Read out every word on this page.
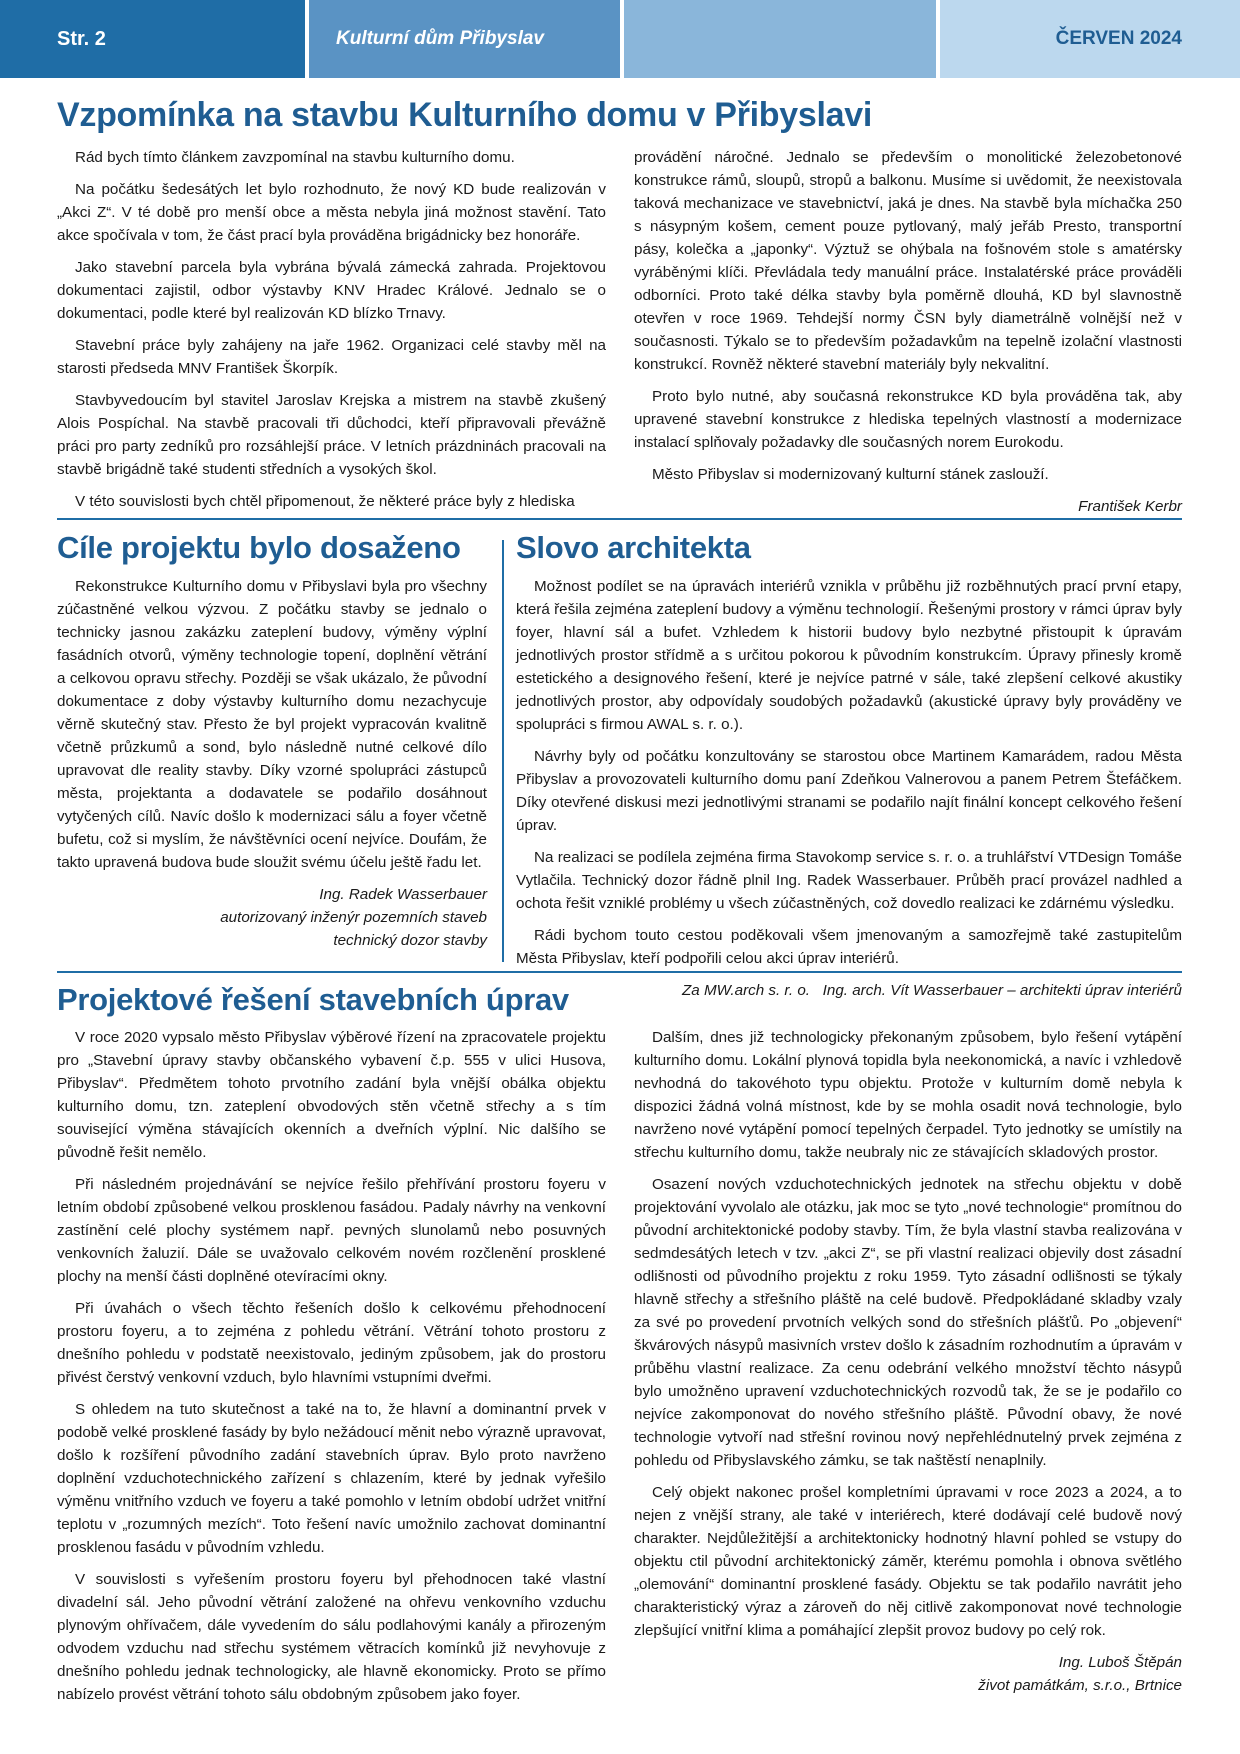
Str. 2	Kulturní dům Přibyslav	ČERVEN 2024
Vzpomínka na stavbu Kulturního domu v Přibyslavi

Rád bych tímto článkem zavzpomínal na stavbu kulturního domu.

Na počátku šedesátých let bylo rozhodnuto, že nový KD bude realizován v „Akci Z“. V té době pro menší obce a města nebyla jiná možnost stavění. Tato akce spočívala v tom, že část prací byla prováděna brigádnicky bez honoráře.

Jako stavební parcela byla vybrána bývalá zámecká zahrada. Projektovou dokumentaci zajistil, odbor výstavby KNV Hradec Králové. Jednalo se o dokumentaci, podle které byl realizován KD blízko Trnavy.

Stavební práce byly zahájeny na jaře 1962. Organizaci celé stavby měl na starosti předseda MNV František Škorpík.

Stavbyvedoucím byl stavitel Jaroslav Krejska a mistrem na stavbě zkušený Alois Pospíchal. Na stavbě pracovali tři důchodci, kteří připravovali převážně práci pro party zedníků pro rozsáhlejší práce. V letních prázdninách pracovali na stavbě brigádně také studenti středních a vysokých škol.

V této souvislosti bych chtěl připomenout, že některé práce byly z hlediska

provádění náročné. Jednalo se především o monolitické železobetonové konstrukce rámů, sloupů, stropů a balkonu. Musíme si uvědomit, že neexistovala taková mechanizace ve stavebnictví, jaká je dnes. Na stavbě byla míchačka 250 s násypným košem, cement pouze pytlovaný, malý jeřáb Presto, transportní pásy, kolečka a „japonky“. Výztuž se ohýbala na fošnovém stole s amatérsky vyráběnými klíči. Převládala tedy manuální práce. Instalatérské práce prováděli odborníci. Proto také délka stavby byla poměrně dlouhá, KD byl slavnostně otevřen v roce 1969. Tehdejší normy ČSN byly diametrálně volnější než v současnosti. Týkalo se to především požadavkům na tepelně izolační vlastnosti konstrukcí. Rovněž některé stavební materiály byly nekvalitní.

Proto bylo nutné, aby současná rekonstrukce KD byla prováděna tak, aby upravené stavební konstrukce z hlediska tepelných vlastností a modernizace instalací splňovaly požadavky dle současných norem Eurokodu.

Město Přibyslav si modernizovaný kulturní stánek zaslouží.

František Kerbr

Cíle projektu bylo dosaženo

Rekonstrukce Kulturního domu v Přibyslavi byla pro všechny zúčastněné velkou výzvou. Z počátku stavby se jednalo o technicky jasnou zakázku zateplení budovy, výměny výplní fasádních otvorů, výměny technologie topení, doplnění větrání a celkovou opravu střechy. Později se však ukázalo, že původní dokumentace z doby výstavby kulturního domu nezachycuje věrně skutečný stav. Přesto že byl projekt vypracován kvalitně včetně průzkumů a sond, bylo následně nutné celkové dílo upravovat dle reality stavby. Díky vzorné spolupráci zástupců města, projektanta a dodavatele se podařilo dosáhnout vytyčených cílů. Navíc došlo k modernizaci sálu a foyer včetně bufetu, což si myslím, že návštěvníci ocení nejvíce. Doufám, že takto upravená budova bude sloužit svému účelu ještě řadu let.

Ing. Radek Wasserbauer

autorizovaný inženýr pozemních staveb

technický dozor stavby

Slovo architekta

Možnost podílet se na úpravách interiérů vznikla v průběhu již rozběhnutých prací první etapy, která řešila zejména zateplení budovy a výměnu technologií. Řešenými prostory v rámci úprav byly foyer, hlavní sál a bufet. Vzhledem k historii budovy bylo nezbytné přistoupit k úpravám jednotlivých prostor střídmě a s určitou pokorou k původním konstrukcím. Úpravy přinesly kromě estetického a designového řešení, které je nejvíce patrné v sále, také zlepšení celkové akustiky jednotlivých prostor, aby odpovídaly soudobých požadavků (akustické úpravy byly prováděny ve spolupráci s firmou AWAL s. r. o.).

Návrhy byly od počátku konzultovány se starostou obce Martinem Kamarádem, radou Města Přibyslav a provozovateli kulturního domu paní Zdeňkou Valnerovou a panem Petrem Štefáčkem. Díky otevřené diskusi mezi jednotlivými stranami se podařilo najít finální koncept celkového řešení úprav.

Na realizaci se podílela zejména firma Stavokomp service s. r. o. a truhlářství VTDesign Tomáše Vytlačila. Technický dozor řádně plnil Ing. Radek Wasserbauer. Průběh prací provázel nadhled a ochota řešit vzniklé problémy u všech zúčastněných, což dovedlo realizaci ke zdárnému výsledku.

Rádi bychom touto cestou poděkovali všem jmenovaným a samozřejmě také zastupitelům Města Přibyslav, kteří podpořili celou akci úprav interiérů.

Za MW.arch s. r. o.   Ing. arch. Vít Wasserbauer – architekti úprav interiérů

Projektové řešení stavebních úprav

V roce 2020 vypsalo město Přibyslav výběrové řízení na zpracovatele projektu pro „Stavební úpravy stavby občanského vybavení č.p. 555 v ulici Husova, Přibyslav“. Předmětem tohoto prvotního zadání byla vnější obálka objektu kulturního domu, tzn. zateplení obvodových stěn včetně střechy a s tím související výměna stávajících okenních a dveřních výplní. Nic dalšího se původně řešit nemělo.

Při následném projednávání se nejvíce řešilo přehřívání prostoru foyeru v letním období způsobené velkou prosklenou fasádou. Padaly návrhy na venkovní zastínění celé plochy systémem např. pevných slunolamů nebo posuvných venkovních žaluzií. Dále se uvažovalo celkovém novém rozčlenění prosklené plochy na menší části doplněné otevíracími okny.

Při úvahách o všech těchto řešeních došlo k celkovému přehodnocení prostoru foyeru, a to zejména z pohledu větrání. Větrání tohoto prostoru z dnešního pohledu v podstatě neexistovalo, jediným způsobem, jak do prostoru přivést čerstvý venkovní vzduch, bylo hlavními vstupními dveřmi.

S ohledem na tuto skutečnost a také na to, že hlavní a dominantní prvek v podobě velké prosklené fasády by bylo nežádoucí měnit nebo výrazně upravovat, došlo k rozšíření původního zadání stavebních úprav. Bylo proto navrženo doplnění vzduchotechnického zařízení s chlazením, které by jednak vyřešilo výměnu vnitřního vzduch ve foyeru a také pomohlo v letním období udržet vnitřní teplotu v „rozumných mezích“. Toto řešení navíc umožnilo zachovat dominantní prosklenou fasádu v původním vzhledu.

V souvislosti s vyřešením prostoru foyeru byl přehodnocen také vlastní divadelní sál. Jeho původní větrání založené na ohřevu venkovního vzduchu plynovým ohřívačem, dále vyvedením do sálu podlahovými kanály a přirozeným odvodem vzduchu nad střechu systémem větracích komínků již nevyhovuje z dnešního pohledu jednak technologicky, ale hlavně ekonomicky. Proto se přímo nabízelo provést větrání tohoto sálu obdobným způsobem jako foyer.

Dalším, dnes již technologicky překonaným způsobem, bylo řešení vytápění kulturního domu. Lokální plynová topidla byla neekonomická, a navíc i vzhledově nevhodná do takovéhoto typu objektu. Protože v kulturním domě nebyla k dispozici žádná volná místnost, kde by se mohla osadit nová technologie, bylo navrženo nové vytápění pomocí tepelných čerpadel. Tyto jednotky se umístily na střechu kulturního domu, takže neubraly nic ze stávajících skladových prostor.

Osazení nových vzduchotechnických jednotek na střechu objektu v době projektování vyvolalo ale otázku, jak moc se tyto „nové technologie“ promítnou do původní architektonické podoby stavby. Tím, že byla vlastní stavba realizována v sedmdesátých letech v tzv. „akci Z“, se při vlastní realizaci objevily dost zásadní odlišnosti od původního projektu z roku 1959. Tyto zásadní odlišnosti se týkaly hlavně střechy a střešního pláště na celé budově. Předpokládané skladby vzaly za své po provedení prvotních velkých sond do střešních plášťů. Po „objevení“ škvárových násypů masivních vrstev došlo k zásadním rozhodnutím a úpravám v průběhu vlastní realizace. Za cenu odebrání velkého množství těchto násypů bylo umožněno upravení vzduchotechnických rozvodů tak, že se je podařilo co nejvíce zakomponovat do nového střešního pláště. Původní obavy, že nové technologie vytvoří nad střešní rovinou nový nepřehlédnutelný prvek zejména z pohledu od Přibyslavského zámku, se tak naštěstí nenaplnily.

Celý objekt nakonec prošel kompletními úpravami v roce 2023 a 2024, a to nejen z vnější strany, ale také v interiérech, které dodávají celé budově nový charakter. Nejdůležitější a architektonicky hodnotný hlavní pohled se vstupy do objektu ctil původní architektonický záměr, kterému pomohla i obnova světlého „olemování“ dominantní prosklené fasády. Objektu se tak podařilo navrátit jeho charakteristický výraz a zároveň do něj citlivě zakomponovat nové technologie zlepšující vnitřní klima a pomáhající zlepšit provoz budovy po celý rok.

Ing. Luboš Štěpán

život památkám, s.r.o., Brtnice
